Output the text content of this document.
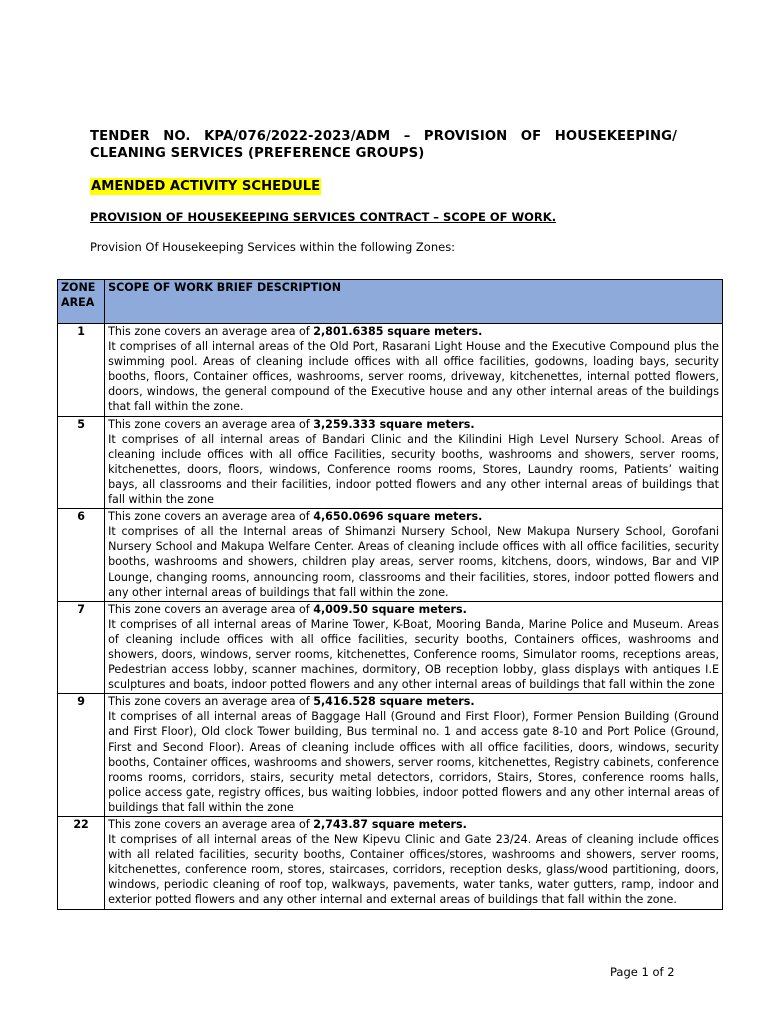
TENDER NO. KPA/076/2022-2023/ADM – PROVISION OF HOUSEKEEPING/ CLEANING SERVICES (PREFERENCE GROUPS)
AMENDED ACTIVITY SCHEDULE
PROVISION OF HOUSEKEEPING SERVICES CONTRACT – SCOPE OF WORK.
Provision Of Housekeeping Services within the following Zones:
ZONE AREA	SCOPE OF WORK BRIEF DESCRIPTION
1	This zone covers an average area of 2,801.6385 square meters.
It comprises of all internal areas of the Old Port, Rasarani Light House and the Executive Compound plus the swimming pool. Areas of cleaning include offices with all office facilities, godowns, loading bays, security booths, floors, Container offices, washrooms, server rooms, driveway, kitchenettes, internal potted flowers, doors, windows, the general compound of the Executive house and any other internal areas of the buildings that fall within the zone.

5	This zone covers an average area of 3,259.333 square meters.
It comprises of all internal areas of Bandari Clinic and the Kilindini High Level Nursery School. Areas of cleaning include offices with all office Facilities, security booths, washrooms and showers, server rooms, kitchenettes, doors, floors, windows, Conference rooms rooms, Stores, Laundry rooms, Patients’ waiting bays, all classrooms and their facilities, indoor potted flowers and any other internal areas of buildings that fall within the zone

6	This zone covers an average area of 4,650.0696 square meters.
It comprises of all the Internal areas of Shimanzi Nursery School, New Makupa Nursery School, Gorofani Nursery School and Makupa Welfare Center. Areas of cleaning include offices with all office facilities, security booths, washrooms and showers, children play areas, server rooms, kitchens, doors, windows, Bar and VIP Lounge, changing rooms, announcing room, classrooms and their facilities, stores, indoor potted flowers and any other internal areas of buildings that fall within the zone.

7	This zone covers an average area of 4,009.50 square meters.
It comprises of all internal areas of Marine Tower, K-Boat, Mooring Banda, Marine Police and Museum. Areas of cleaning include offices with all office facilities, security booths, Containers offices, washrooms and showers, doors, windows, server rooms, kitchenettes, Conference rooms, Simulator rooms, receptions areas, Pedestrian access lobby, scanner machines, dormitory, OB reception lobby, glass displays with antiques I.E sculptures and boats, indoor potted flowers and any other internal areas of buildings that fall within the zone

9	This zone covers an average area of 5,416.528 square meters.
It comprises of all internal areas of Baggage Hall (Ground and First Floor), Former Pension Building (Ground and First Floor), Old clock Tower building, Bus terminal no. 1 and access gate 8-10 and Port Police (Ground, First and Second Floor). Areas of cleaning include offices with all office facilities, doors, windows, security booths, Container offices, washrooms and showers, server rooms, kitchenettes, Registry cabinets, conference rooms rooms, corridors, stairs, security metal detectors, corridors, Stairs, Stores, conference rooms halls, police access gate, registry offices, bus waiting lobbies, indoor potted flowers and any other internal areas of buildings that fall within the zone

22	This zone covers an average area of 2,743.87 square meters.
It comprises of all internal areas of the New Kipevu Clinic and Gate 23/24. Areas of cleaning include offices with all related facilities, security booths, Container offices/stores, washrooms and showers, server rooms, kitchenettes, conference room, stores, staircases, corridors, reception desks, glass/wood partitioning, doors, windows, periodic cleaning of roof top, walkways, pavements, water tanks, water gutters, ramp, indoor and exterior potted flowers and any other internal and external areas of buildings that fall within the zone.
Page 1 of 2
